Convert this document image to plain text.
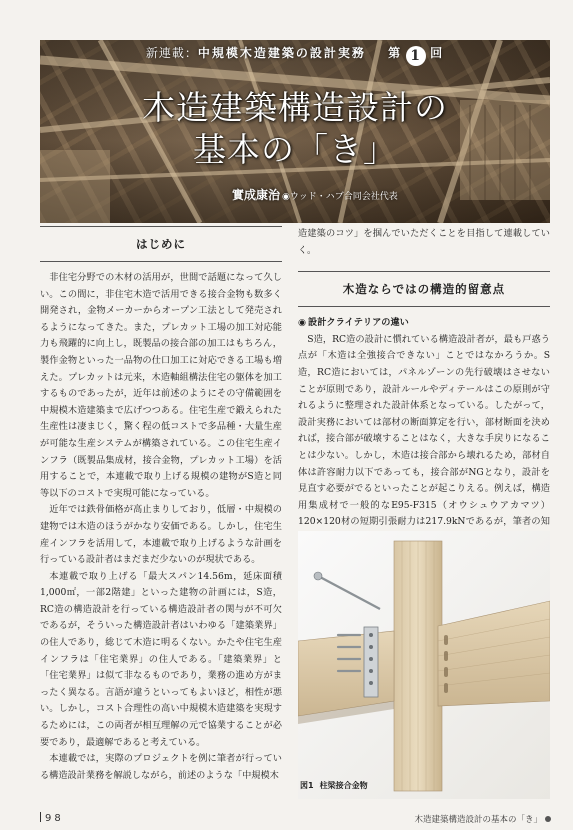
新連載：中規模木造建築の設計実務 第 1 回
木造建築構造設計の
基本の「き」
實成康治 ◉ウッド・ハブ合同会社代表
はじめに

非住宅分野での木材の活用が，世間で話題になって久しい。この間に，非住宅木造で活用できる接合金物も数多く開発され，金物メーカーからオープン工法として発売されるようになってきた。また，プレカット工場の加工対応能力も飛躍的に向上し，既製品の接合部の加工はもちろん，製作金物といった一品物の仕口加工に対応できる工場も増えた。プレカットは元来，木造軸組構法住宅の躯体を加工するものであったが，近年は前述のようにその守備範囲を中規模木造建築まで広げつつある。住宅生産で鍛えられた生産性は凄まじく，驚く程の低コストで多品種・大量生産が可能な生産システムが構築されている。この住宅生産インフラ（既製品集成材，接合金物，プレカット工場）を活用することで，本連載で取り上げる規模の建物がS造と同等以下のコストで実現可能になっている。

近年では鉄骨価格が高止まりしており，低層・中規模の建物では木造のほうがかなり安価である。しかし，住宅生産インフラを活用して，本連載で取り上げるような計画を行っている設計者はまだまだ少ないのが現状である。

本連載で取り上げる「最大スパン14.56m，延床面積1,000㎡，一部2階建」といった建物の計画には，S造，RC造の構造設計を行っている構造設計者の関与が不可欠であるが，そういった構造設計者はいわゆる「建築業界」の住人であり，総じて木造に明るくない。かたや住宅生産インフラは「住宅業界」の住人である。「建築業界」と「住宅業界」は似て非なるものであり，業務の進め方がまったく異なる。言語が違うといってもよいほど，相性が悪い。しかし，コスト合理性の高い中規模木造建築を実現するためには，この両者が相互理解の元で協業することが必要であり，最適解であると考えている。

本連載では，実際のプロジェクトを例に筆者が行っている構造設計業務を解説しながら，前述のような「中規模木

造建築のコツ」を掴んでいただくことを目指して連載していく。

木造ならではの構造的留意点
◉ 設計クライテリアの違い

S造，RC造の設計に慣れている構造設計者が，最も戸惑う点が「木造は全強接合できない」ことではなかろうか。S造，RC造においては，パネルゾーンの先行破壊はさせないことが原則であり，設計ルールやディテールはこの原則が守れるように整理された設計体系となっている。したがって，設計実務においては部材の断面算定を行い，部材断面を決めれば，接合部が破壊することはなく，大きな手戻りになることは少ない。しかし，木造は接合部から壊れるため，部材自体は許容耐力以下であっても，接合部がNGとなり，設計を見直す必要がでるといったことが起こりえる。例えば，構造用集成材で一般的なE95-F315（オウシュウアカマツ）120×120材の短期引張耐力は217.9kNであるが，筆者の知

図1 柱梁接合金物
98	木造建築構造設計の基本の「き」
